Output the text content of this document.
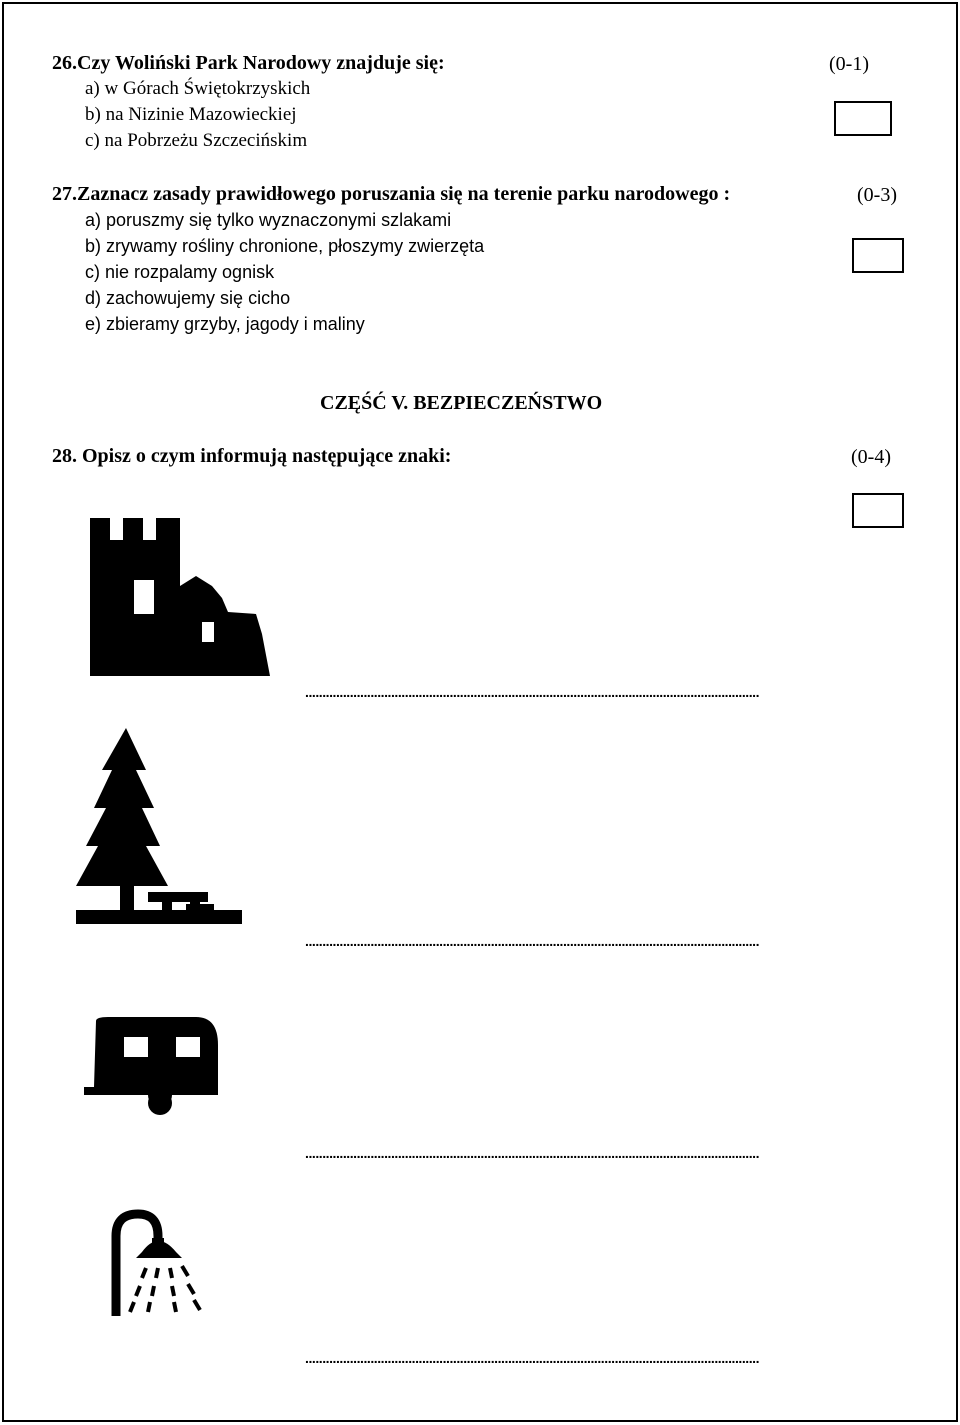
26.Czy Woliński Park Narodowy znajduje się:	(0-1)
a) w Górach Świętokrzyskich
b) na Nizinie Mazowieckiej
c) na Pobrzeżu Szczecińskim
27.Zaznacz zasady prawidłowego poruszania się na terenie parku narodowego :	(0-3)
a) poruszmy się tylko wyznaczonymi szlakami
b) zrywamy rośliny chronione, płoszymy zwierzęta
c) nie rozpalamy ognisk
d) zachowujemy się cicho
e) zbieramy grzyby, jagody i maliny
CZĘŚĆ V. BEZPIECZEŃSTWO
28. Opisz o czym informują następujące znaki:	(0-4)
....................................................................................................................................
....................................................................................................................................
....................................................................................................................................
....................................................................................................................................
